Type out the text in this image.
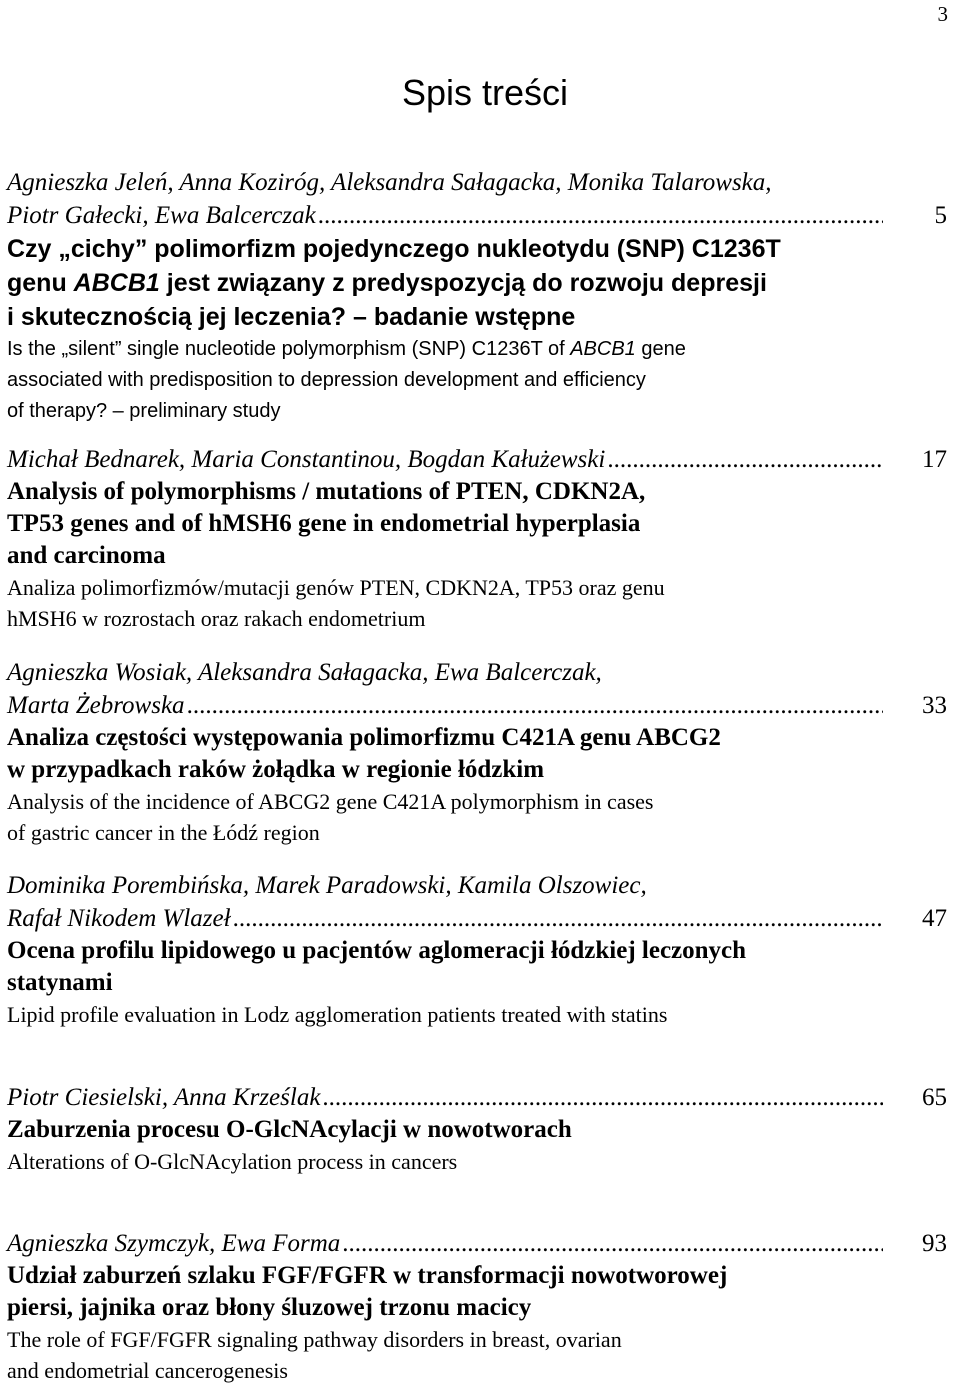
3
Spis treści
Agnieszka Jeleń, Anna Koziróg, Aleksandra Sałagacka, Monika Talarowska,
Piotr Gałecki, Ewa Balcerczak .....	5
Czy „cichy” polimorfizm pojedynczego nukleotydu (SNP) C1236T
genu ABCB1 jest związany z predyspozycją do rozwoju depresji
i skutecznością jej leczenia? – badanie wstępne
Is the „silent” single nucleotide polymorphism (SNP) C1236T of ABCB1 gene
associated with predisposition to depression development and efficiency
of therapy? – preliminary study
Michał Bednarek, Maria Constantinou, Bogdan Kałużewski .....	17
Analysis of polymorphisms / mutations of PTEN, CDKN2A,
TP53 genes and of hMSH6 gene in endometrial hyperplasia
and carcinoma
Analiza polimorfizmów/mutacji genów PTEN, CDKN2A, TP53 oraz genu
hMSH6 w rozrostach oraz rakach endometrium
Agnieszka Wosiak, Aleksandra Sałagacka, Ewa Balcerczak,
Marta Żebrowska .....	33
Analiza częstości występowania polimorfizmu C421A genu ABCG2
w przypadkach raków żołądka w regionie łódzkim
Analysis of the incidence of ABCG2 gene C421A polymorphism in cases
of gastric cancer in the Łódź region
Dominika Porembińska, Marek Paradowski, Kamila Olszowiec,
Rafał Nikodem Wlazeł .....	47
Ocena profilu lipidowego u pacjentów aglomeracji łódzkiej leczonych
statynami
Lipid profile evaluation in Lodz agglomeration patients treated with statins
Piotr Ciesielski, Anna Krześlak .....	65
Zaburzenia procesu O-GlcNAcylacji w nowotworach
Alterations of O-GlcNAcylation process in cancers
Agnieszka Szymczyk, Ewa Forma .....	93
Udział zaburzeń szlaku FGF/FGFR w transformacji nowotworowej
piersi, jajnika oraz błony śluzowej trzonu macicy
The role of FGF/FGFR signaling pathway disorders in breast, ovarian
and endometrial cancerogenesis
